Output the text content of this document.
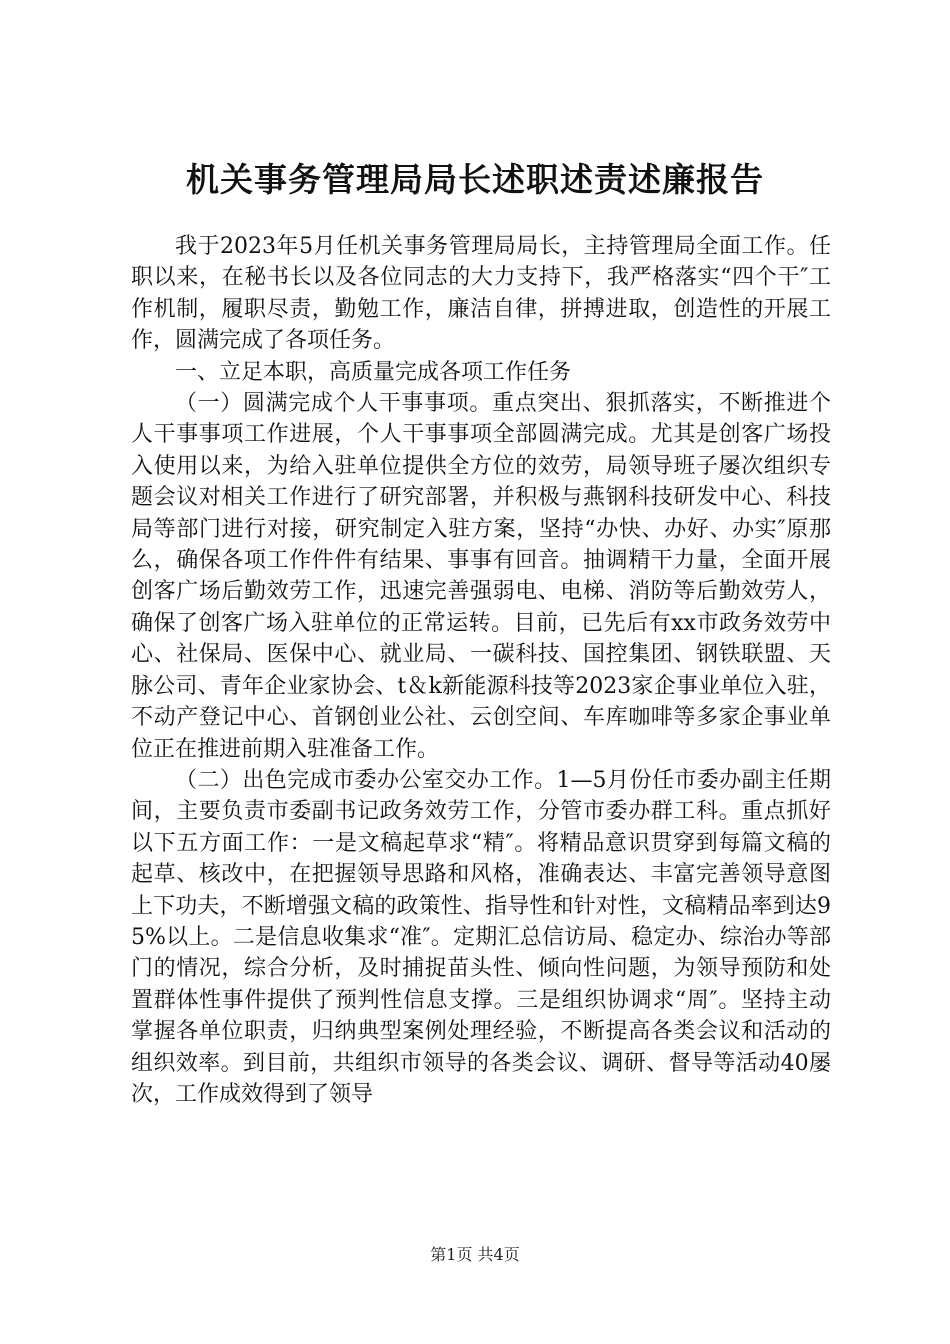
机关事务管理局局长述职述责述廉报告

我于2023年5月任机关事务管理局局长，主持管理局全面工作。任职以来，在秘书长以及各位同志的大力支持下，我严格落实“四个干″工作机制，履职尽责，勤勉工作，廉洁自律，拼搏进取，创造性的开展工作，圆满完成了各项任务。

一、立足本职，高质量完成各项工作任务

（一）圆满完成个人干事事项。重点突出、狠抓落实，不断推进个人干事事项工作进展，个人干事事项全部圆满完成。尤其是创客广场投入使用以来，为给入驻单位提供全方位的效劳，局领导班子屡次组织专题会议对相关工作进行了研究部署，并积极与燕钢科技研发中心、科技局等部门进行对接，研究制定入驻方案，坚持“办快、办好、办实″原那么，确保各项工作件件有结果、事事有回音。抽调精干力量，全面开展创客广场后勤效劳工作，迅速完善强弱电、电梯、消防等后勤效劳人，确保了创客广场入驻单位的正常运转。目前，已先后有xx市政务效劳中心、社保局、医保中心、就业局、一碳科技、国控集团、钢铁联盟、天脉公司、青年企业家协会、t＆k新能源科技等2023家企事业单位入驻，不动产登记中心、首钢创业公社、云创空间、车库咖啡等多家企事业单位正在推进前期入驻准备工作。

（二）出色完成市委办公室交办工作。1—5月份任市委办副主任期间，主要负责市委副书记政务效劳工作，分管市委办群工科。重点抓好以下五方面工作：一是文稿起草求“精″。将精品意识贯穿到每篇文稿的起草、核改中，在把握领导思路和风格，准确表达、丰富完善领导意图上下功夫，不断增强文稿的政策性、指导性和针对性，文稿精品率到达95%以上。二是信息收集求“准″。定期汇总信访局、稳定办、综治办等部门的情况，综合分析，及时捕捉苗头性、倾向性问题，为领导预防和处置群体性事件提供了预判性信息支撑。三是组织协调求“周″。坚持主动掌握各单位职责，归纳典型案例处理经验，不断提高各类会议和活动的组织效率。到目前，共组织市领导的各类会议、调研、督导等活动40屡次，工作成效得到了领导

第1页 共4页
